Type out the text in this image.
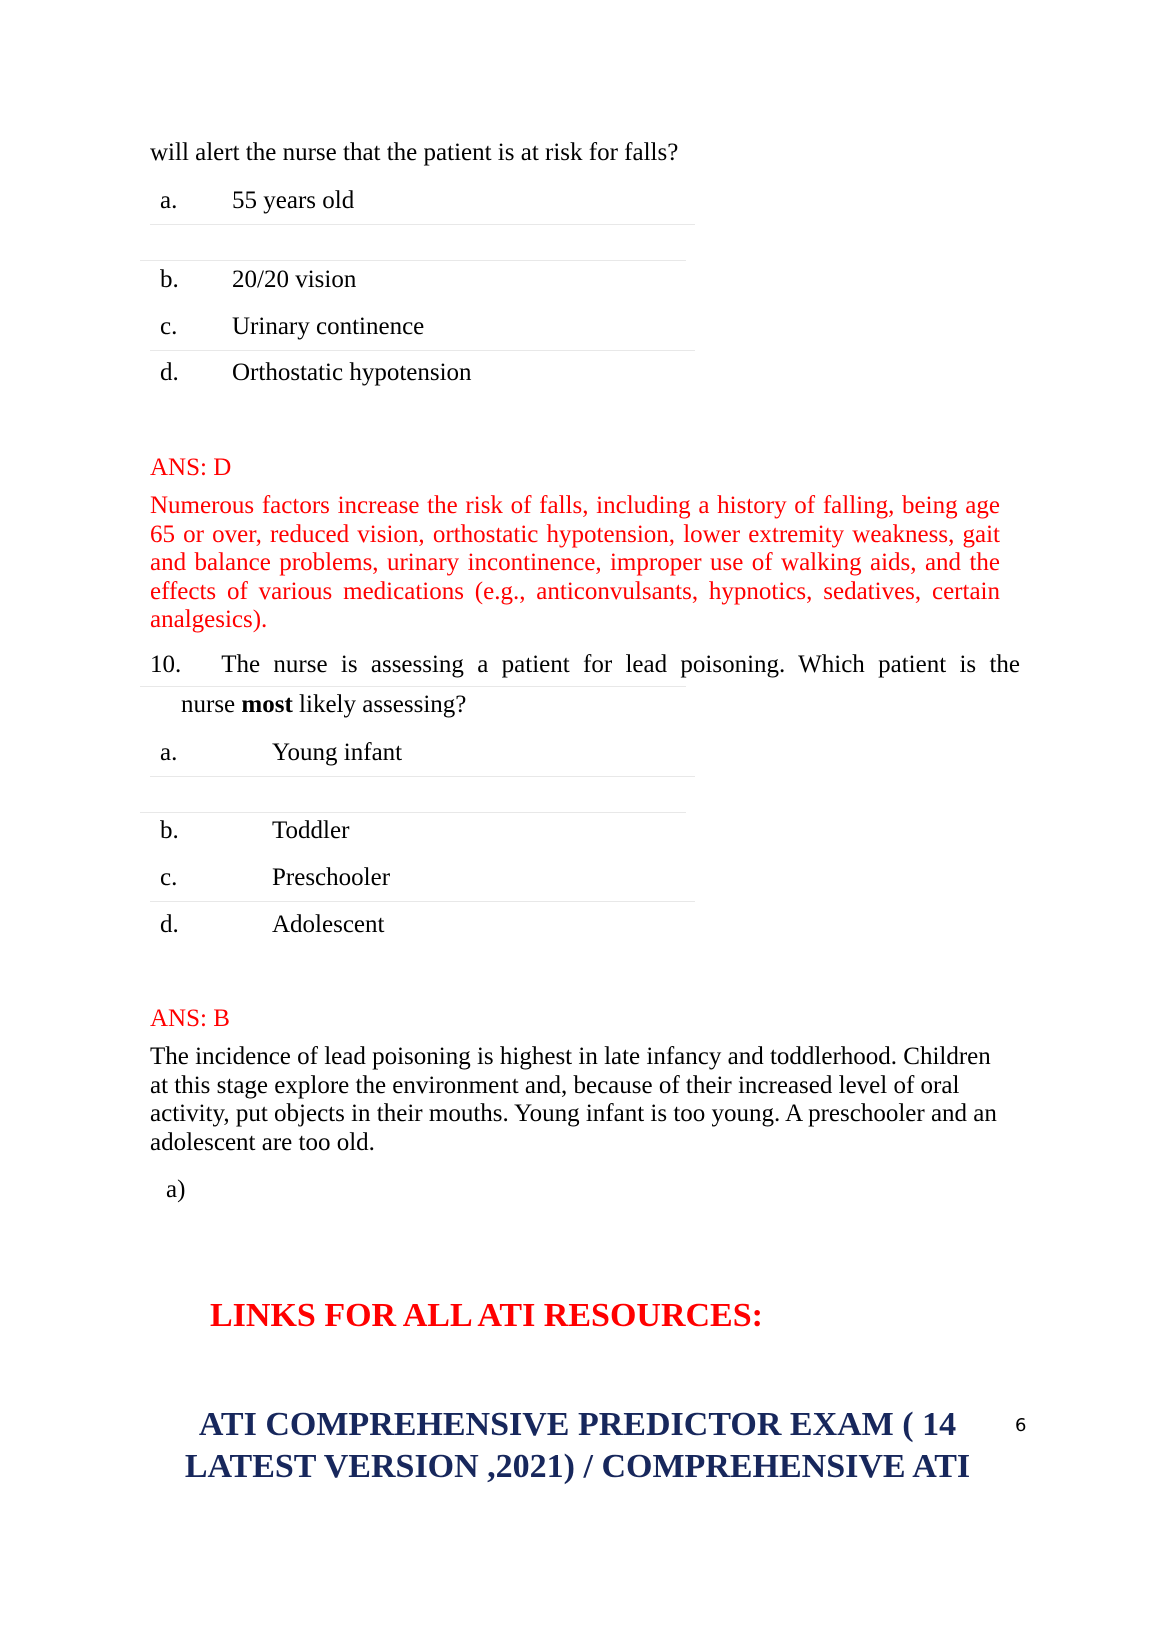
will alert the nurse that the patient is at risk for falls?
a. 55 years old
b. 20/20 vision
c. Urinary continence
d. Orthostatic hypotension
ANS: D
Numerous factors increase the risk of falls, including a history of falling, being age 65 or over, reduced vision, orthostatic hypotension, lower extremity weakness, gait and balance problems, urinary incontinence, improper use of walking aids, and the effects of various medications (e.g., anticonvulsants, hypnotics, sedatives, certain analgesics).
10. The nurse is assessing a patient for lead poisoning. Which patient is the
nurse most likely assessing?
a.	Young infant
b.	Toddler
c.	Preschooler
d.	Adolescent
ANS: B
The incidence of lead poisoning is highest in late infancy and toddlerhood. Children at this stage explore the environment and, because of their increased level of oral activity, put objects in their mouths. Young infant is too young. A preschooler and an adolescent are too old.
a)
LINKS FOR ALL ATI RESOURCES:
ATI COMPREHENSIVE PREDICTOR EXAM ( 14
LATEST VERSION ,2021) / COMPREHENSIVE ATI
6
